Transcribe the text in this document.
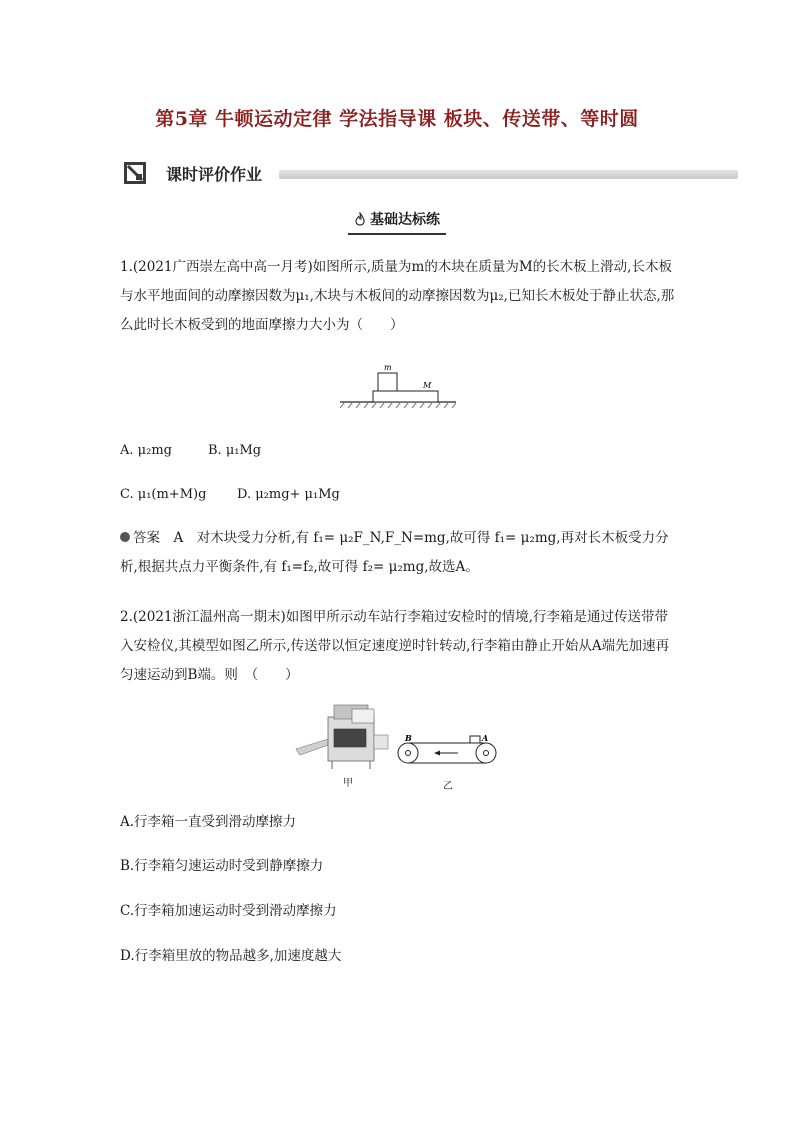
第5章 牛顿运动定律 学法指导课 板块、传送带、等时圆
课时评价作业
基础达标练
1.(2021广西崇左高中高一月考)如图所示,质量为m的木块在质量为M的长木板上滑动,长木板与水平地面间的动摩擦因数为μ₁,木块与木板间的动摩擦因数为μ₂,已知长木板处于静止状态,那么此时长木板受到的地面摩擦力大小为（　　）
m
M
A. μ₂mg	B. μ₁Mg
C. μ₁(m+M)g D. μ₂mg+ μ₁Mg
答案　A　对木块受力分析,有 f₁= μ₂F_N,F_N=mg,故可得 f₁= μ₂mg,再对长木板受力分析,根据共点力平衡条件,有 f₁=f₂,故可得 f₂= μ₂mg,故选A。
2.(2021浙江温州高一期末)如图甲所示动车站行李箱过安检时的情境,行李箱是通过传送带带入安检仪,其模型如图乙所示,传送带以恒定速度逆时针转动,行李箱由静止开始从A端先加速再匀速运动到B端。则　（　　）
甲
B	A
乙
A.行李箱一直受到滑动摩擦力
B.行李箱匀速运动时受到静摩擦力
C.行李箱加速运动时受到滑动摩擦力
D.行李箱里放的物品越多,加速度越大
